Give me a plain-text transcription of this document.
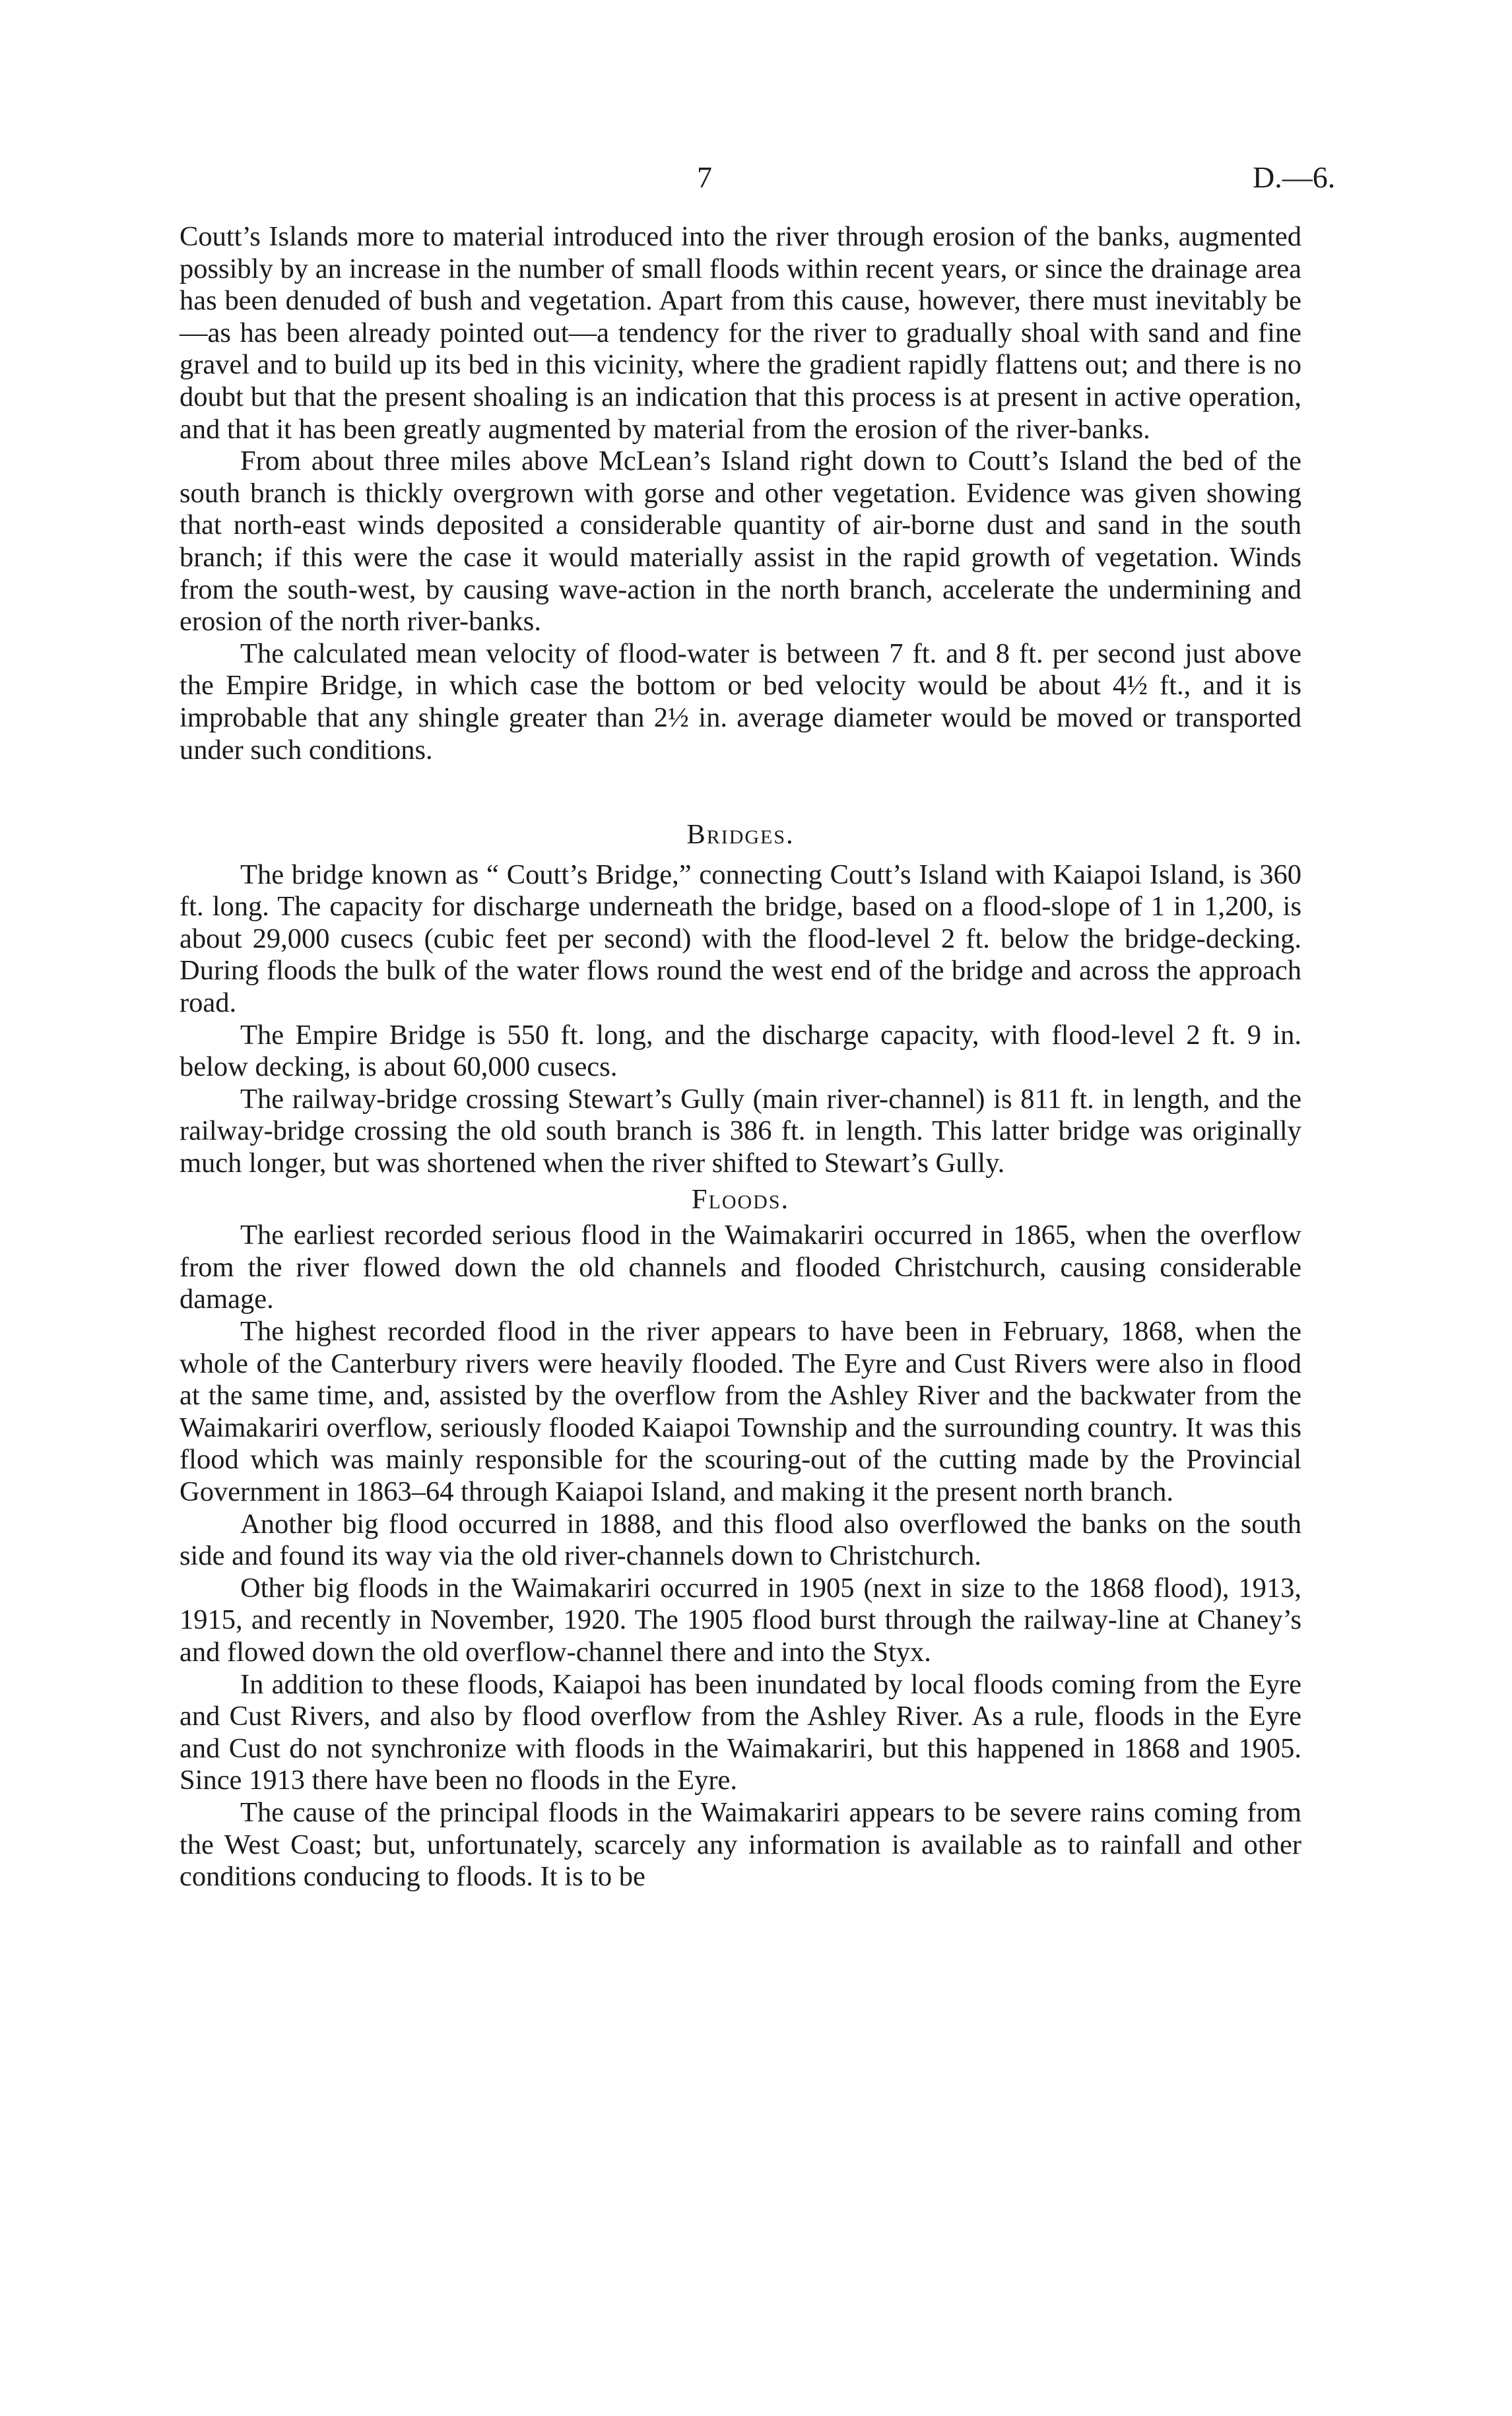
7	D.—6.

Coutt’s Islands more to material introduced into the river through erosion of the banks, augmented possibly by an increase in the number of small floods within recent years, or since the drainage area has been denuded of bush and vegetation. Apart from this cause, however, there must inevitably be—as has been already pointed out—a tendency for the river to gradually shoal with sand and fine gravel and to build up its bed in this vicinity, where the gradient rapidly flattens out; and there is no doubt but that the present shoaling is an indication that this process is at present in active operation, and that it has been greatly augmented by material from the erosion of the river-banks.

From about three miles above McLean’s Island right down to Coutt’s Island the bed of the south branch is thickly overgrown with gorse and other vegetation. Evidence was given showing that north-east winds deposited a considerable quantity of air-borne dust and sand in the south branch; if this were the case it would materially assist in the rapid growth of vegetation. Winds from the south-west, by causing wave-action in the north branch, accelerate the undermining and erosion of the north river-banks.

The calculated mean velocity of flood-water is between 7 ft. and 8 ft. per second just above the Empire Bridge, in which case the bottom or bed velocity would be about 4½ ft., and it is improbable that any shingle greater than 2½ in. average diameter would be moved or transported under such conditions.

Bridges.

The bridge known as “ Coutt’s Bridge,” connecting Coutt’s Island with Kaiapoi Island, is 360 ft. long. The capacity for discharge underneath the bridge, based on a flood-slope of 1 in 1,200, is about 29,000 cusecs (cubic feet per second) with the flood-level 2 ft. below the bridge-decking. During floods the bulk of the water flows round the west end of the bridge and across the approach road.

The Empire Bridge is 550 ft. long, and the discharge capacity, with flood-level 2 ft. 9 in. below decking, is about 60,000 cusecs.

The railway-bridge crossing Stewart’s Gully (main river-channel) is 811 ft. in length, and the railway-bridge crossing the old south branch is 386 ft. in length. This latter bridge was originally much longer, but was shortened when the river shifted to Stewart’s Gully.

Floods.

The earliest recorded serious flood in the Waimakariri occurred in 1865, when the overflow from the river flowed down the old channels and flooded Christchurch, causing considerable damage.

The highest recorded flood in the river appears to have been in February, 1868, when the whole of the Canterbury rivers were heavily flooded. The Eyre and Cust Rivers were also in flood at the same time, and, assisted by the overflow from the Ashley River and the backwater from the Waimakariri overflow, seriously flooded Kaiapoi Township and the surrounding country. It was this flood which was mainly responsible for the scouring-out of the cutting made by the Provincial Government in 1863–64 through Kaiapoi Island, and making it the present north branch.

Another big flood occurred in 1888, and this flood also overflowed the banks on the south side and found its way via the old river-channels down to Christchurch.

Other big floods in the Waimakariri occurred in 1905 (next in size to the 1868 flood), 1913, 1915, and recently in November, 1920. The 1905 flood burst through the railway-line at Chaney’s and flowed down the old overflow-channel there and into the Styx.

In addition to these floods, Kaiapoi has been inundated by local floods coming from the Eyre and Cust Rivers, and also by flood overflow from the Ashley River. As a rule, floods in the Eyre and Cust do not synchronize with floods in the Waimakariri, but this happened in 1868 and 1905. Since 1913 there have been no floods in the Eyre.

The cause of the principal floods in the Waimakariri appears to be severe rains coming from the West Coast; but, unfortunately, scarcely any information is available as to rainfall and other conditions conducing to floods. It is to be
